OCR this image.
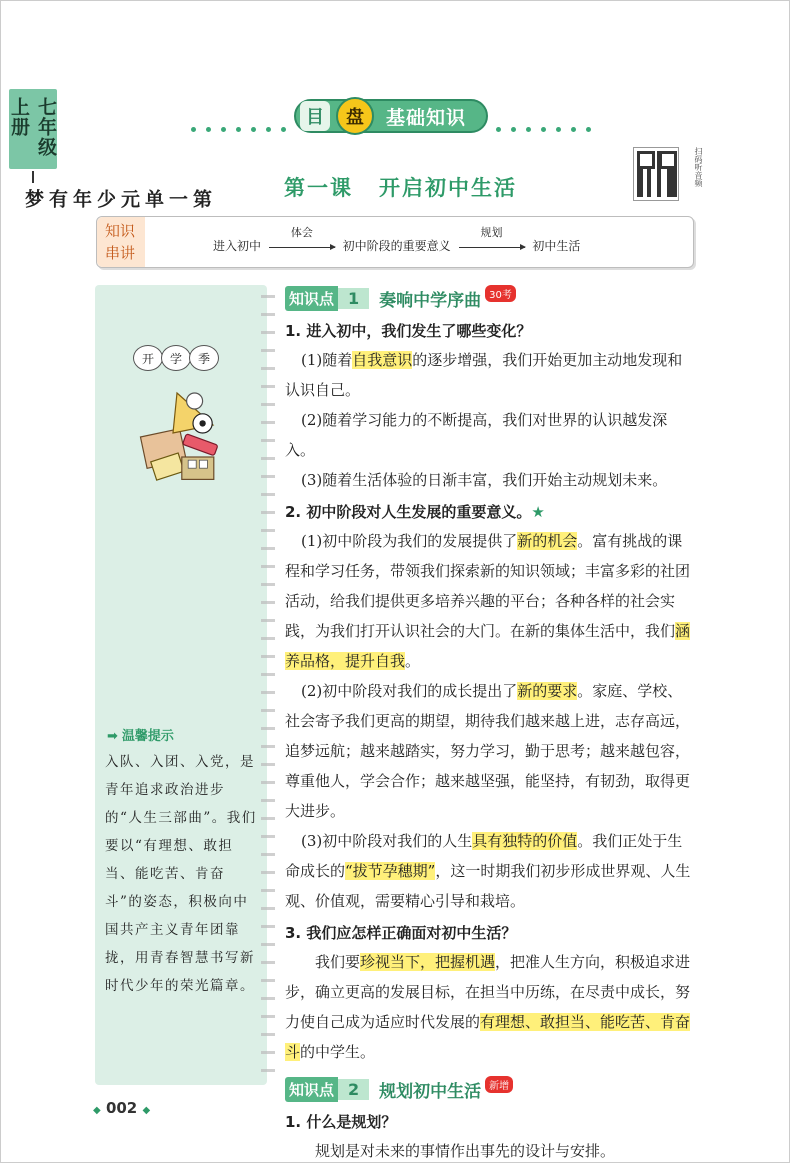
七年级上册
第
一
单
元
少
年
有
梦
目	盘	基础知识
第一课 开启初中生活
扫码听音频
知识
串讲	进入初中
体会
初中阶段的重要意义
规划
初中生活
开	学	季
➡ 温馨提示
入队、入团、入党，是青年追求政治进步的“人生三部曲”。我们要以“有理想、敢担当、能吃苦、肯奋斗”的姿态，积极向中国共产主义青年团靠拢，用青春智慧书写新时代少年的荣光篇章。
知识点 1	奏响中学序曲 30考
1. 进入初中，我们发生了哪些变化？
(1)随着自我意识的逐步增强，我们开始更加主动地发现和认识自己。
(2)随着学习能力的不断提高，我们对世界的认识越发深入。
(3)随着生活体验的日渐丰富，我们开始主动规划未来。
2. 初中阶段对人生发展的重要意义。★
(1)初中阶段为我们的发展提供了新的机会。富有挑战的课程和学习任务，带领我们探索新的知识领域；丰富多彩的社团活动，给我们提供更多培养兴趣的平台；各种各样的社会实践，为我们打开认识社会的大门。在新的集体生活中，我们涵养品格，提升自我。
(2)初中阶段对我们的成长提出了新的要求。家庭、学校、社会寄予我们更高的期望，期待我们越来越上进，志存高远，追梦远航；越来越踏实，努力学习，勤于思考；越来越包容，尊重他人，学会合作；越来越坚强，能坚持，有韧劲，取得更大进步。
(3)初中阶段对我们的人生具有独特的价值。我们正处于生命成长的“拔节孕穗期”，这一时期我们初步形成世界观、人生观、价值观，需要精心引导和栽培。
3. 我们应怎样正确面对初中生活？
我们要珍视当下，把握机遇，把准人生方向，积极追求进步，确立更高的发展目标，在担当中历练，在尽责中成长，努力使自己成为适应时代发展的有理想、敢担当、能吃苦、肯奋斗的中学生。
知识点 2	规划初中生活 新增
1. 什么是规划？
规划是对未来的事情作出事先的设计与安排。
◆ 002 ◆
